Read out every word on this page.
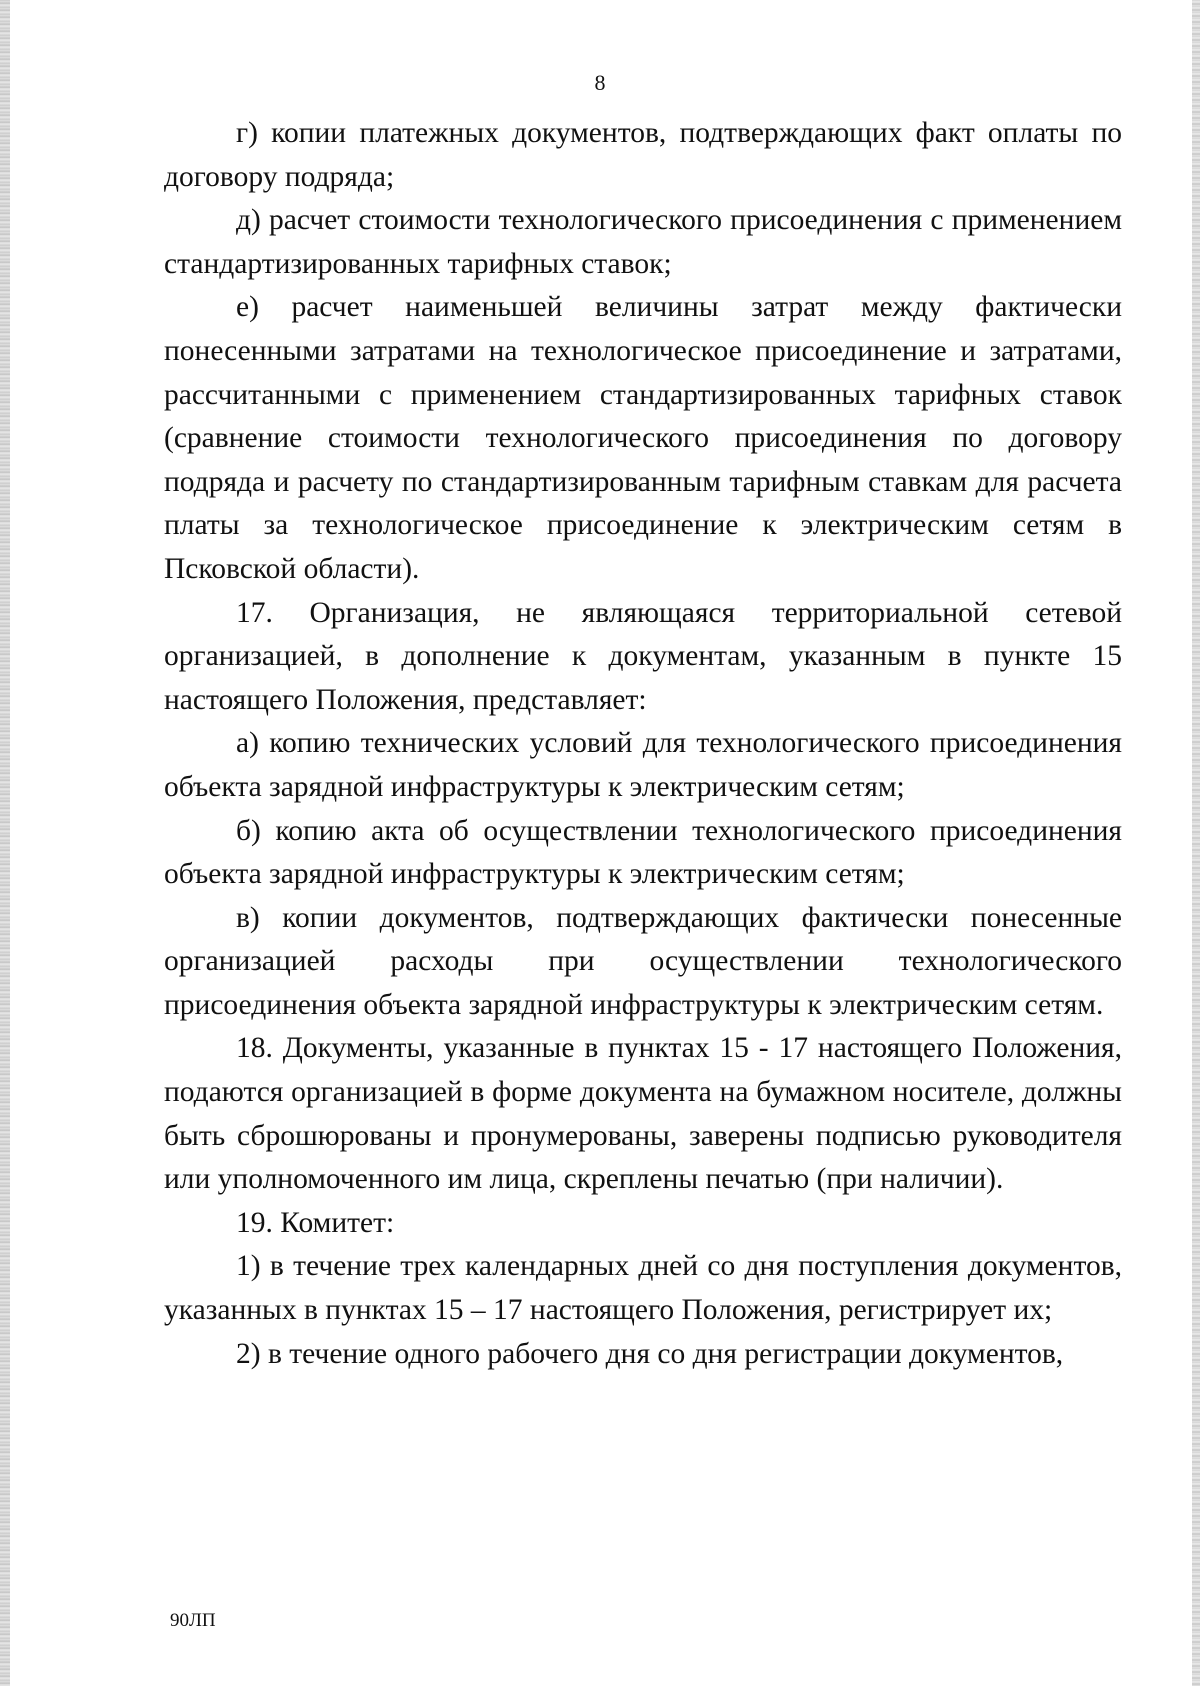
8

г) копии платежных документов, подтверждающих факт оплаты по договору подряда;

д) расчет стоимости технологического присоединения с применением стандартизированных тарифных ставок;

е) расчет наименьшей величины затрат между фактически понесенными затратами на технологическое присоединение и затратами, рассчитанными с применением стандартизированных тарифных ставок (сравнение стоимости технологического присоединения по договору подряда и расчету по стандартизированным тарифным ставкам для расчета платы за технологическое присоединение к электрическим сетям в Псковской области).

17. Организация, не являющаяся территориальной сетевой организацией, в дополнение к документам, указанным в пункте 15 настоящего Положения, представляет:

а) копию технических условий для технологического присоединения объекта зарядной инфраструктуры к электрическим сетям;

б) копию акта об осуществлении технологического присоединения объекта зарядной инфраструктуры к электрическим сетям;

в) копии документов, подтверждающих фактически понесенные организацией расходы при осуществлении технологического присоединения объекта зарядной инфраструктуры к электрическим сетям.

18. Документы, указанные в пунктах 15 - 17 настоящего Положения, подаются организацией в форме документа на бумажном носителе, должны быть сброшюрованы и пронумерованы, заверены подписью руководителя или уполномоченного им лица, скреплены печатью (при наличии).

19. Комитет:

1) в течение трех календарных дней со дня поступления документов, указанных в пунктах 15 – 17 настоящего Положения, регистрирует их;

2) в течение одного рабочего дня со дня регистрации документов,

90ЛП
